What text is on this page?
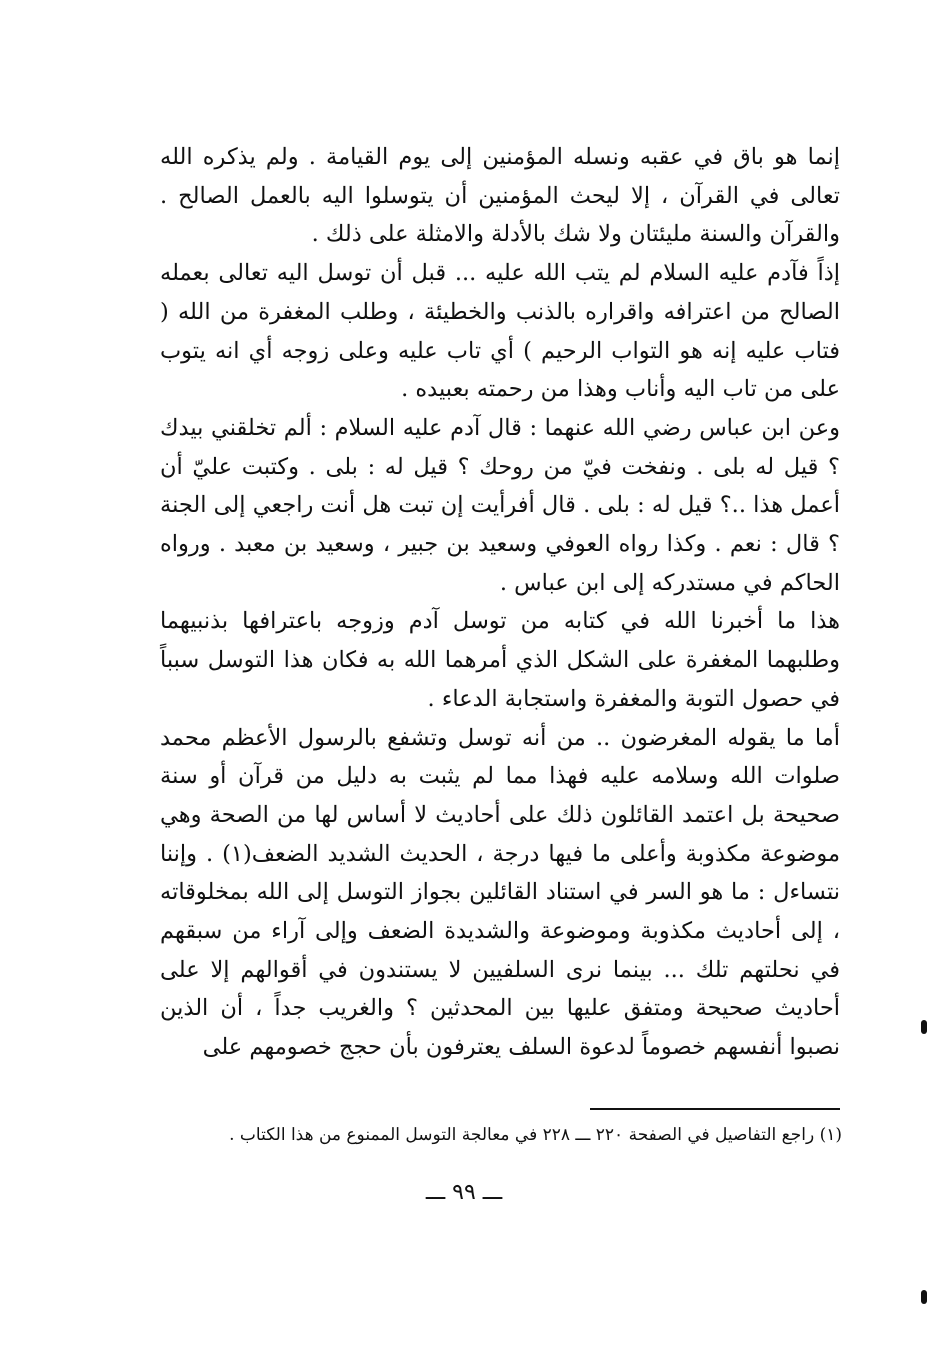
إنما هو باق في عقبه ونسله المؤمنين إلى يوم القيامة . ولم يذكره الله تعالى في القرآن ، إلا ليحث المؤمنين أن يتوسلوا اليه بالعمل الصالح . والقرآن والسنة مليئتان ولا شك بالأدلة والامثلة على ذلك .

إذاً فآدم عليه السلام لم يتب الله عليه ... قبل أن توسل اليه تعالى بعمله الصالح من اعترافه واقراره بالذنب والخطيئة ، وطلب المغفرة من الله ( فتاب عليه إنه هو التواب الرحيم ) أي تاب عليه وعلى زوجه أي انه يتوب على من تاب اليه وأناب وهذا من رحمته بعبيده .

وعن ابن عباس رضي الله عنهما : قال آدم عليه السلام : ألم تخلقني بيدك ؟ قيل له بلى . ونفخت فيّ من روحك ؟ قيل له : بلى . وكتبت عليّ أن أعمل هذا ..؟ قيل له : بلى . قال أفرأيت إن تبت هل أنت راجعي إلى الجنة ؟ قال : نعم . وكذا رواه العوفي وسعيد بن جبير ، وسعيد بن معبد . ورواه الحاكم في مستدركه إلى ابن عباس .

هذا ما أخبرنا الله في كتابه من توسل آدم وزوجه باعترافها بذنبيهما وطلبهما المغفرة على الشكل الذي أمرهما الله به فكان هذا التوسل سبباً في حصول التوبة والمغفرة واستجابة الدعاء .

أما ما يقوله المغرضون .. من أنه توسل وتشفع بالرسول الأعظم محمد صلوات الله وسلامه عليه فهذا مما لم يثبت به دليل من قرآن أو سنة صحيحة بل اعتمد القائلون ذلك على أحاديث لا أساس لها من الصحة وهي موضوعة مكذوبة وأعلى ما فيها درجة ، الحديث الشديد الضعف(١) . وإننا نتساءل : ما هو السر في استناد القائلين بجواز التوسل إلى الله بمخلوقاته ، إلى أحاديث مكذوبة وموضوعة والشديدة الضعف وإلى آراء من سبقهم في نحلتهم تلك ... بينما نرى السلفيين لا يستندون في أقوالهم إلا على أحاديث صحيحة ومتفق عليها بين المحدثين ؟ والغريب جداً ، أن الذين نصبوا أنفسهم خصوماً لدعوة السلف يعترفون بأن حجج خصومهم على

(١) راجع التفاصيل في الصفحة ٢٢٠ ـــ ٢٢٨ في معالجة التوسل الممنوع من هذا الكتاب .
ـــ ٩٩ ـــ
